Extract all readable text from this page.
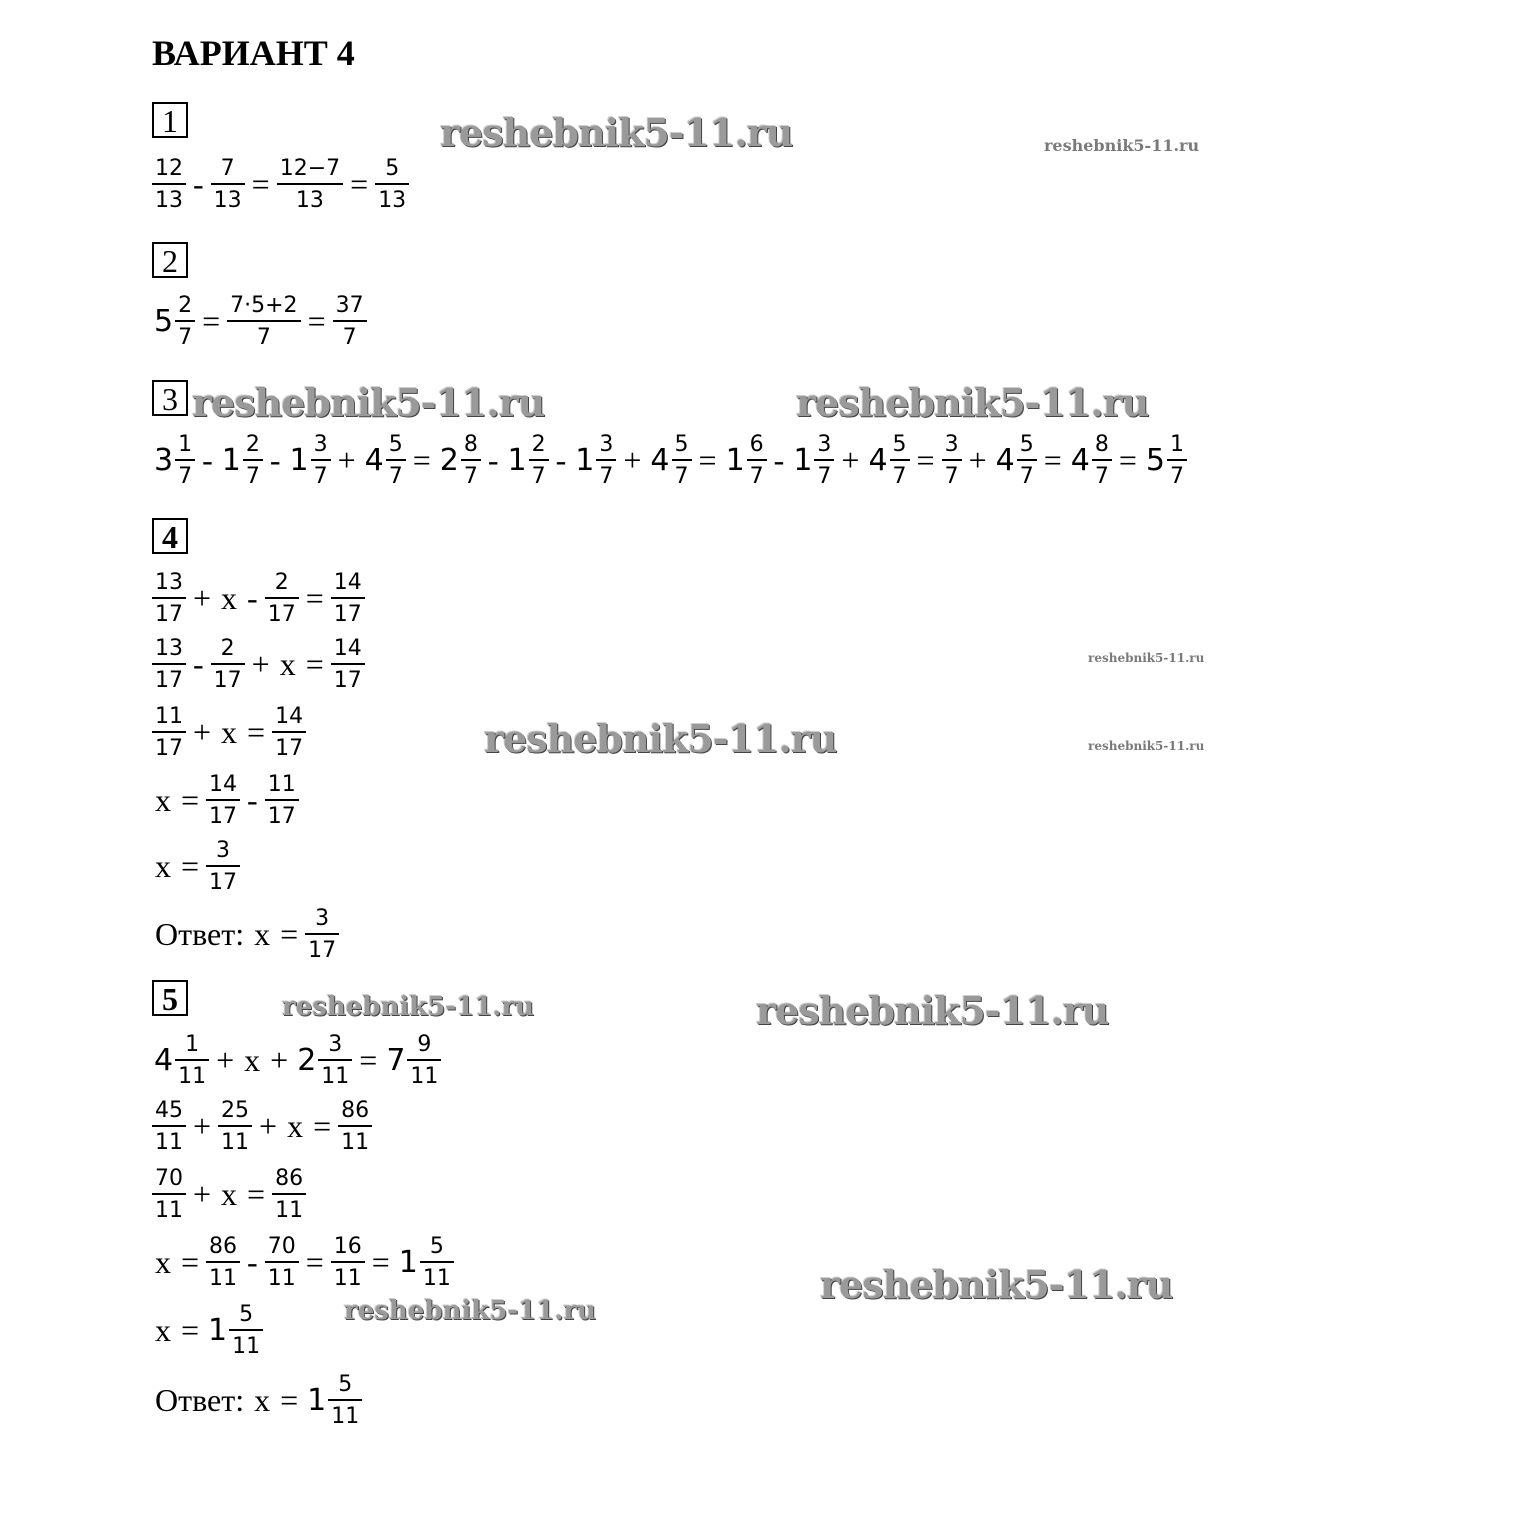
ВАРИАНТ 4
1
$\frac{12}{13} - \frac{7}{13} = \frac{12-7}{13} = \frac{5}{13}$
2
$5 \frac{2}{7} = \frac{7\cdot 5+2}{7} = \frac{37}{7}$
3
$3 \frac{1}{7} - 1 \frac{2}{7} - 1 \frac{3}{7} + 4 \frac{5}{7} = 2 \frac{8}{7} - 1 \frac{2}{7} - 1 \frac{3}{7} + 4 \frac{5}{7} = 1 \frac{6}{7} - 1 \frac{3}{7} + 4 \frac{5}{7} = \frac{3}{7} + 4 \frac{5}{7} = 4 \frac{8}{7} = 5 \frac{1}{7}$
4
$\frac{13}{17} + x - \frac{2}{17} = \frac{14}{17}$
$\frac{13}{17} - \frac{2}{17} + x = \frac{14}{17}$
$\frac{11}{17} + x = \frac{14}{17}$
$x = \frac{14}{17} - \frac{11}{17}$
$x = \frac{3}{17}$
Ответ: $x = \frac{3}{17}$
5
$4 \frac{1}{11} + x + 2 \frac{3}{11} = 7 \frac{9}{11}$
$\frac{45}{11} + \frac{25}{11} + x = \frac{86}{11}$
$\frac{70}{11} + x = \frac{86}{11}$
$x = \frac{86}{11} - \frac{70}{11} = \frac{16}{11} = 1 \frac{5}{11}$
$x = 1 \frac{5}{11}$
Ответ: $x = 1 \frac{5}{11}$
reshebnik5-11.ru	reshebnik5-11.ru
reshebnik5-11.ru	reshebnik5-11.ru
reshebnik5-11.ru
reshebnik5-11.ru	reshebnik5-11.ru
reshebnik5-11.ru	reshebnik5-11.ru
reshebnik5-11.ru
reshebnik5-11.ru
